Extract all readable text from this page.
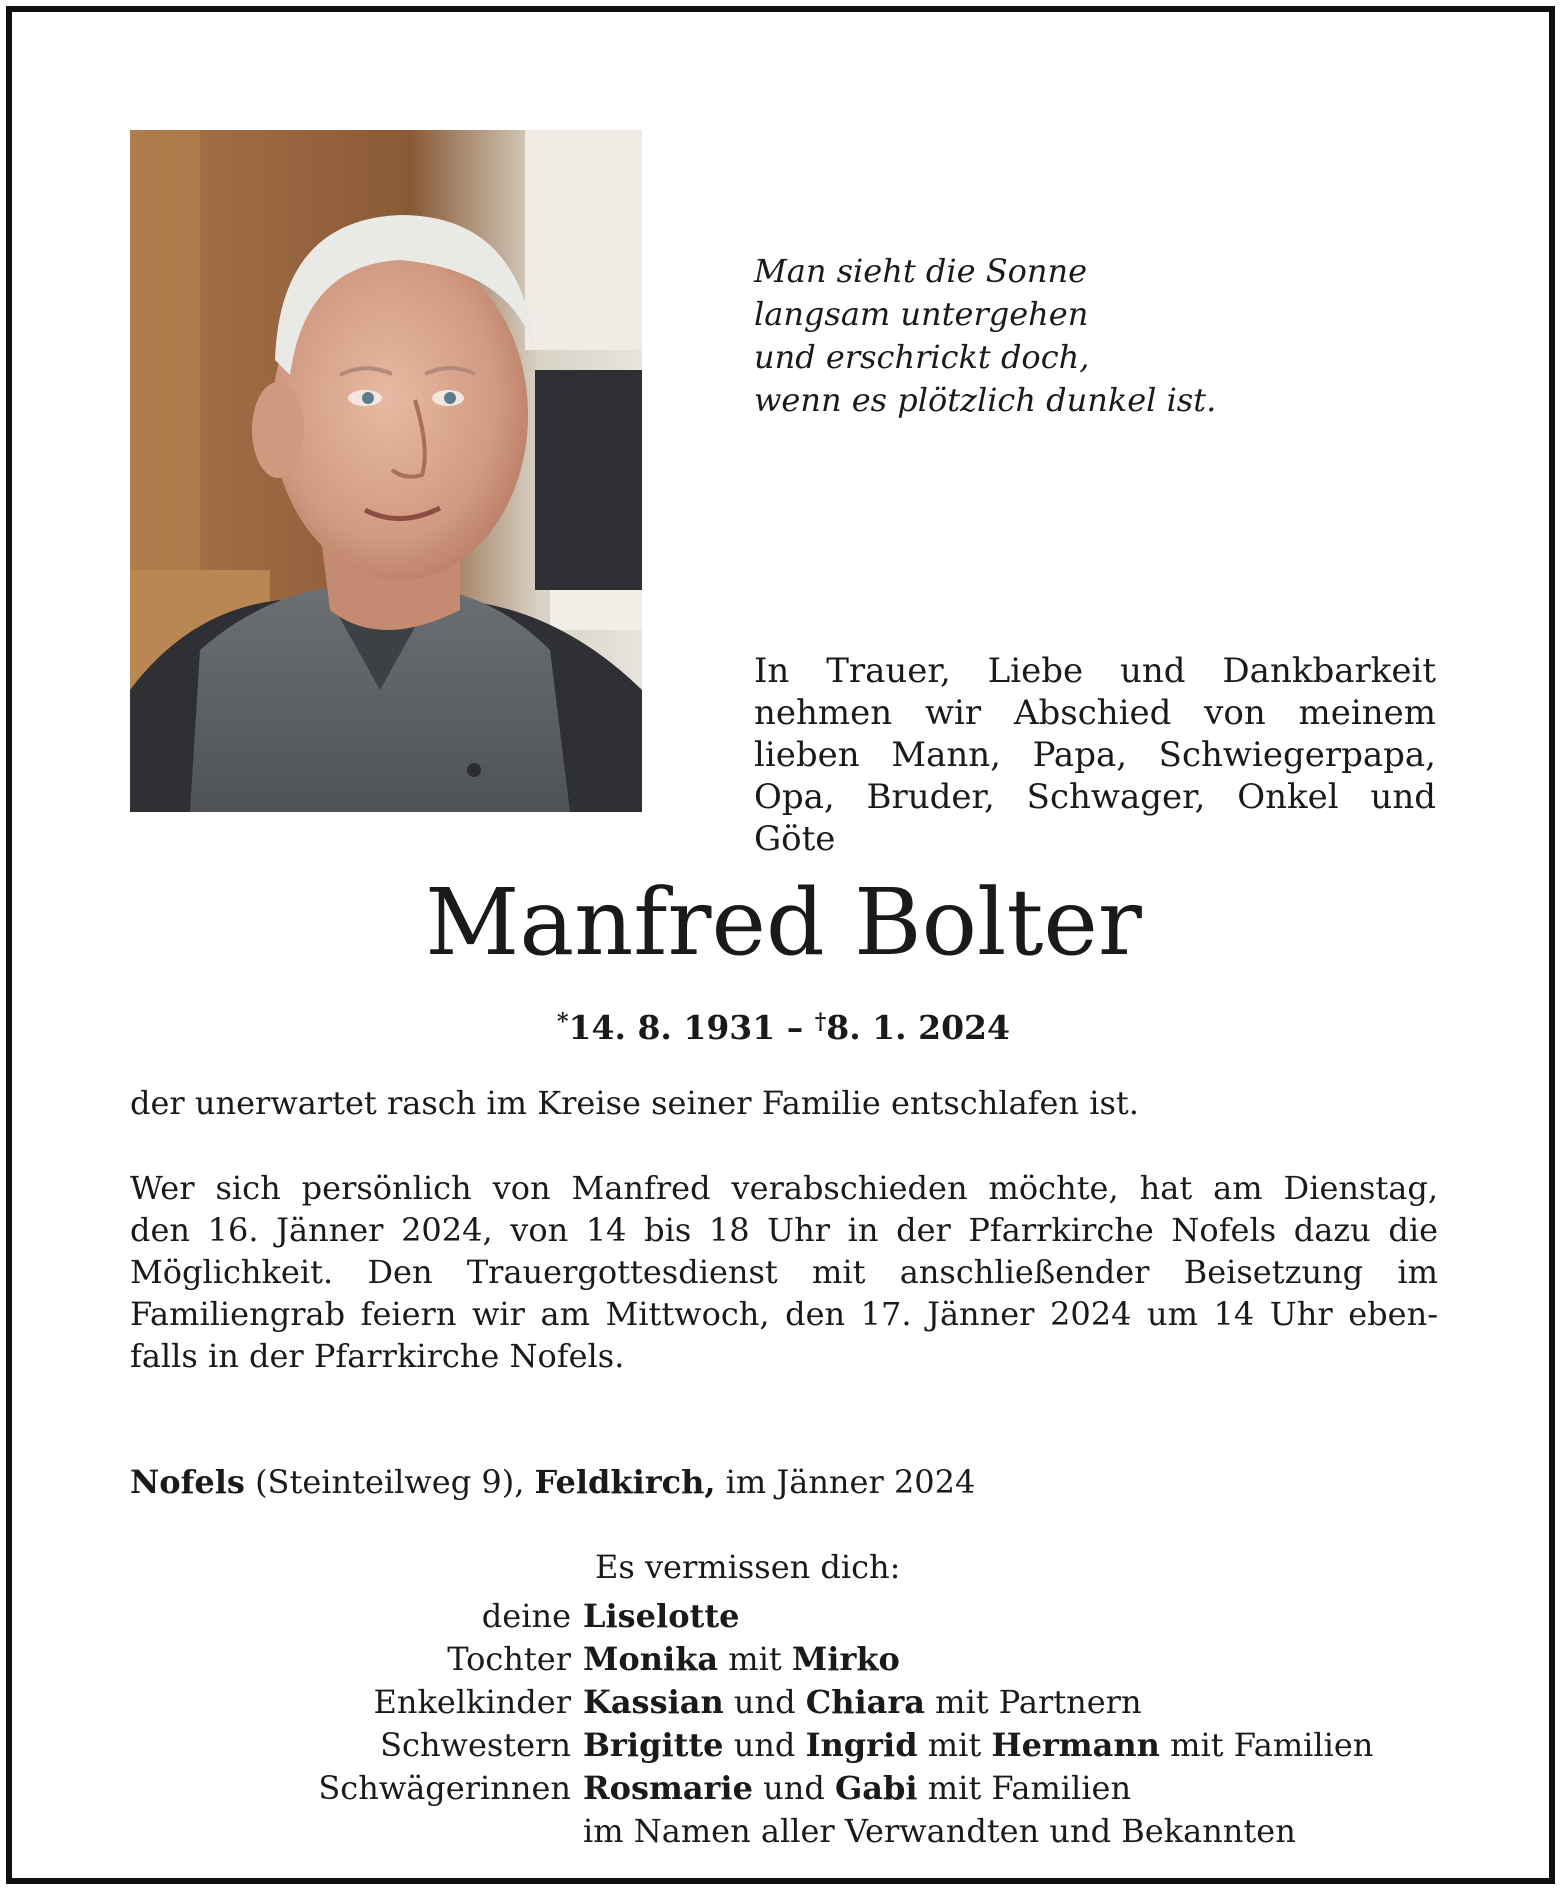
Man sieht die Sonne
langsam untergehen
und erschrickt doch,
wenn es plötzlich dunkel ist.
In Trauer, Liebe und Dankbarkeit
nehmen wir Abschied von meinem
lieben Mann, Papa, Schwiegerpapa,
Opa, Bruder, Schwager, Onkel und Göte
Manfred Bolter
*14. 8. 1931 – †8. 1. 2024
der unerwartet rasch im Kreise seiner Familie entschlafen ist.
Wer sich persönlich von Manfred verabschieden möchte, hat am Dienstag,
den 16. Jänner 2024, von 14 bis 18 Uhr in der Pfarrkirche Nofels dazu die
Möglichkeit. Den Trauergottesdienst mit anschließender Beisetzung im
Familiengrab feiern wir am Mittwoch, den 17. Jänner 2024 um 14 Uhr eben-
falls in der Pfarrkirche Nofels.
Nofels (Steinteilweg 9), Feldkirch, im Jänner 2024
Es vermissen dich:
deine Liselotte
Tochter Monika mit Mirko
Enkelkinder Kassian und Chiara mit Partnern
Schwestern Brigitte und Ingrid mit Hermann mit Familien
Schwägerinnen Rosmarie und Gabi mit Familien
im Namen aller Verwandten und Bekannten
